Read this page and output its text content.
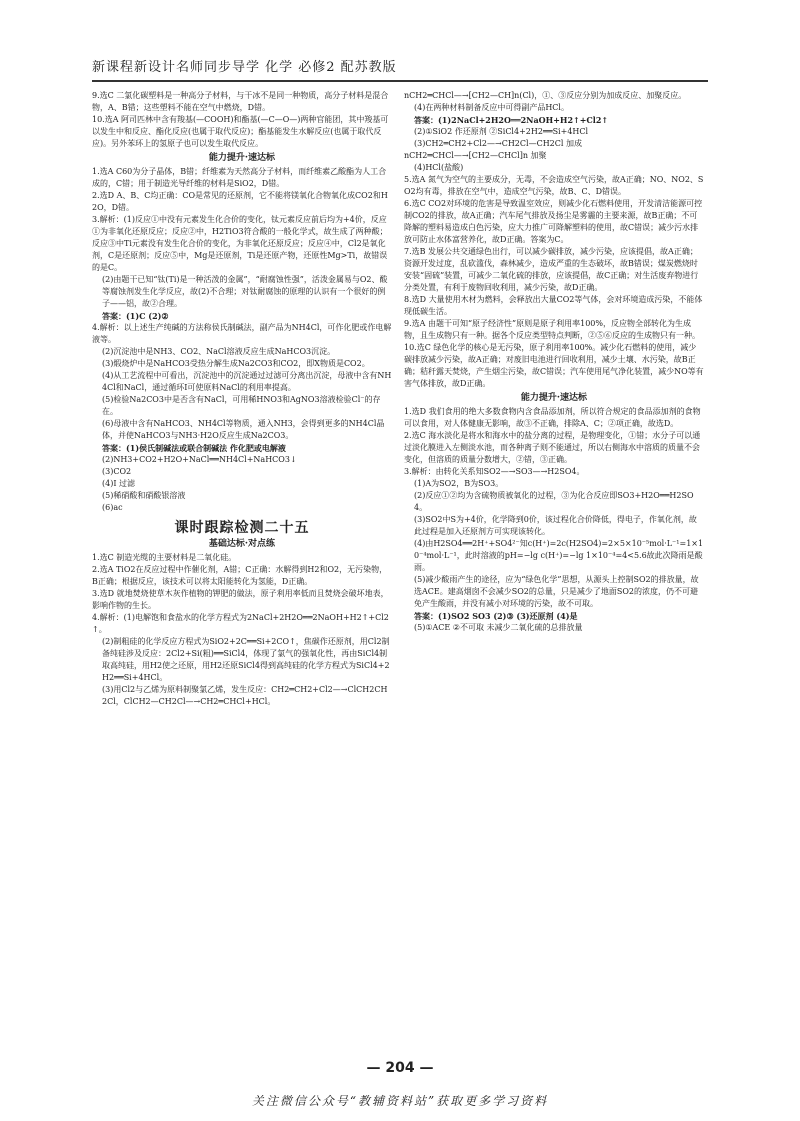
新课程新设计名师同步导学 化学 必修2 配苏教版

9.选C 二氯化碳塑料是一种高分子材料，与干冰不是同一种物质，高分子材料是混合物，A、B错；这些塑料不能在空气中燃烧，D错。

10.选A 阿司匹林中含有羧基(—COOH)和酯基(—C—O—)两种官能团，其中羧基可以发生中和反应、酯化反应(也属于取代反应)；酯基能发生水解反应(也属于取代反应)。另外苯环上的氢原子也可以发生取代反应。

能力提升·速达标

1.选A C60为分子晶体，B错；纤维素为天然高分子材料，而纤维素乙酸酯为人工合成的，C错；用于制造光导纤维的材料是SiO2，D错。

2.选D A、B、C均正确：CO是常见的还原剂，它不能将镁氧化合物氧化成CO2和H2O，D错。

3.解析：(1)反应①中没有元素发生化合价的变化，钛元素反应前后均为+4价，反应①为非氧化还原反应；反应②中，H2TiO3符合酸的一般化学式，故生成了两种酸；反应③中Ti元素没有发生化合价的变化，为非氧化还原反应；反应④中，Cl2是氧化剂，C是还原剂；反应⑤中，Mg是还原剂，Ti是还原产物，还原性Mg>Ti，故错误的是C。

(2)由题干已知“钛(Ti)是一种活泼的金属”，“耐腐蚀性强”，活泼金属易与O2、酸等腐蚀剂发生化学反应，故(2)不合理；对钛耐腐蚀的原理的认识有一个很好的例子——铝，故②合理。

答案：(1)C (2)②

4.解析：以上述生产纯碱的方法称侯氏制碱法，副产品为NH4Cl，可作化肥或作电解液等。

(2)沉淀池中是NH3、CO2、NaCl溶液反应生成NaHCO3沉淀。

(3)煅烧炉中是NaHCO3受热分解生成Na2CO3和CO2，即X物质是CO2。

(4)从工艺流程中可看出，沉淀池中的沉淀通过过滤可分离出沉淀，母液中含有NH4Cl和NaCl，通过循环Ⅰ可使原料NaCl的利用率提高。

(5)检验Na2CO3中是否含有NaCl，可用稀HNO3和AgNO3溶液检验Cl⁻的存在。

(6)母液中含有NaHCO3、NH4Cl等物质，通入NH3，会得到更多的NH4Cl晶体，并使NaHCO3与NH3·H2O反应生成Na2CO3。

答案：(1)侯氏制碱法或联合制碱法 作化肥或电解液

(2)NH3+CO2+H2O+NaCl══NH4Cl+NaHCO3↓

(3)CO2

(4)Ⅰ 过滤

(5)稀硝酸和硝酸银溶液

(6)ac

课时跟踪检测二十五
基础达标·对点练

1.选C 制造光缆的主要材料是二氧化硅。

2.选A TiO2在反应过程中作催化剂，A错；C正确：水解得到H2和O2，无污染物，B正确；根据反应，该技术可以将太阳能转化为氢能，D正确。

3.选D 就地焚烧使草木灰作植物的钾肥的做法，原子利用率低而且焚烧会破坏地表，影响作物的生长。

4.解析：(1)电解饱和食盐水的化学方程式为2NaCl+2H2O══2NaOH+H2↑+Cl2↑。

(2)制粗硅的化学反应方程式为SiO2+2C══Si+2CO↑，焦碳作还原剂，用Cl2制备纯硅涉及反应：2Cl2+Si(粗)══SiCl4，体现了氯气的强氧化性，再由SiCl4制取高纯硅，用H2使之还原，用H2还原SiCl4得到高纯硅的化学方程式为SiCl4+2H2══Si+4HCl。

(3)用Cl2与乙烯为原料制聚氯乙烯，发生反应：CH2═CH2+Cl2—→ClCH2CH2Cl，ClCH2—CH2Cl—→CH2═CHCl+HCl。

nCH2═CHCl—→[CH2—CH]n(Cl)，①、③反应分别为加成反应、加聚反应。

(4)在两种材料制备反应中可得副产品HCl。

答案：(1)2NaCl+2H2O══2NaOH+H2↑+Cl2↑

(2)①SiO2 作还原剂 ②SiCl4+2H2══Si+4HCl

(3)CH2═CH2+Cl2—→CH2Cl—CH2Cl 加成

nCH2═CHCl—→[CH2—CHCl]n 加聚

(4)HCl(盐酸)

5.选A 氮气为空气的主要成分，无毒，不会造成空气污染，故A正确；NO、NO2、SO2均有毒，排放在空气中，造成空气污染，故B、C、D错误。

6.选C CO2对环境的危害是导致温室效应，则减少化石燃料使用，开发清洁能源可控制CO2的排放，故A正确；汽车尾气排放及扬尘是雾霾的主要来源，故B正确；不可降解的塑料易造成白色污染，应大力推广可降解塑料的使用，故C错误；减少污水排放可防止水体富营养化，故D正确。答案为C。

7.选B 发展公共交通绿色出行，可以减少碳排放，减少污染，应该提倡，故A正确；资源开发过度，乱砍滥伐，森林减少，造成严重的生态破坏，故B错误；煤炭燃烧时安装“固硫”装置，可减少二氧化硫的排放，应该提倡，故C正确；对生活废弃物进行分类处置，有利于废物回收利用，减少污染，故D正确。

8.选D 大量使用木材为燃料，会释放出大量CO2等气体，会对环境造成污染，不能体现低碳生活。

9.选A 由题干可知“原子经济性”原则是原子利用率100%，反应物全部转化为生成物，且生成物只有一种。据各个反应类型特点判断，②⑤⑥反应的生成物只有一种。

10.选C 绿色化学的核心是无污染，原子利用率100%。减少化石燃料的使用，减少碳排放减少污染，故A正确；对废旧电池进行回收利用，减少土壤、水污染，故B正确；秸秆露天焚烧，产生烟尘污染，故C错误；汽车使用尾气净化装置，减少NO等有害气体排放，故D正确。

能力提升·速达标

1.选D 我们食用的绝大多数食物内含食品添加剂，所以符合规定的食品添加剂的食物可以食用，对人体健康无影响，故③不正确，排除A、C；②项正确，故选D。

2.选C 海水淡化是将水和海水中的盐分离的过程，是物理变化，①错；水分子可以通过淡化膜进入左侧淡水池，而各种离子则不能通过，所以右侧海水中溶质的质量不会变化，但溶质的质量分数增大，②错，③正确。

3.解析：由转化关系知SO2—→SO3—→H2SO4。

(1)A为SO2，B为SO3。

(2)反应①②均为含硫物质被氧化的过程，③为化合反应即SO3+H2O══H2SO4。

(3)SO2中S为+4价，化学降到0价，该过程化合价降低，得电子，作氧化剂，故此过程是加入还原剂方可实现该转化。

(4)由H2SO4══2H⁺+SO4²⁻知c(H⁺)=2c(H2SO4)=2×5×10⁻⁵mol·L⁻¹=1×10⁻⁴mol·L⁻¹，此时溶液的pH=−lg c(H⁺)=−lg 1×10⁻⁴=4<5.6故此次降雨是酸雨。

(5)减少酸雨产生的途径，应为“绿色化学”思想，从源头上控制SO2的排放量，故选ACE。建高烟囱不会减少SO2的总量，只是减少了地面SO2的浓度，仍不可避免产生酸雨，并没有减小对环境的污染，故不可取。

答案：(1)SO2 SO3 (2)③ (3)还原剂 (4)是

(5)①ACE ②不可取 未减少二氧化硫的总排放量

— 204 —
关注微信公众号“教辅资料站”获取更多学习资料
